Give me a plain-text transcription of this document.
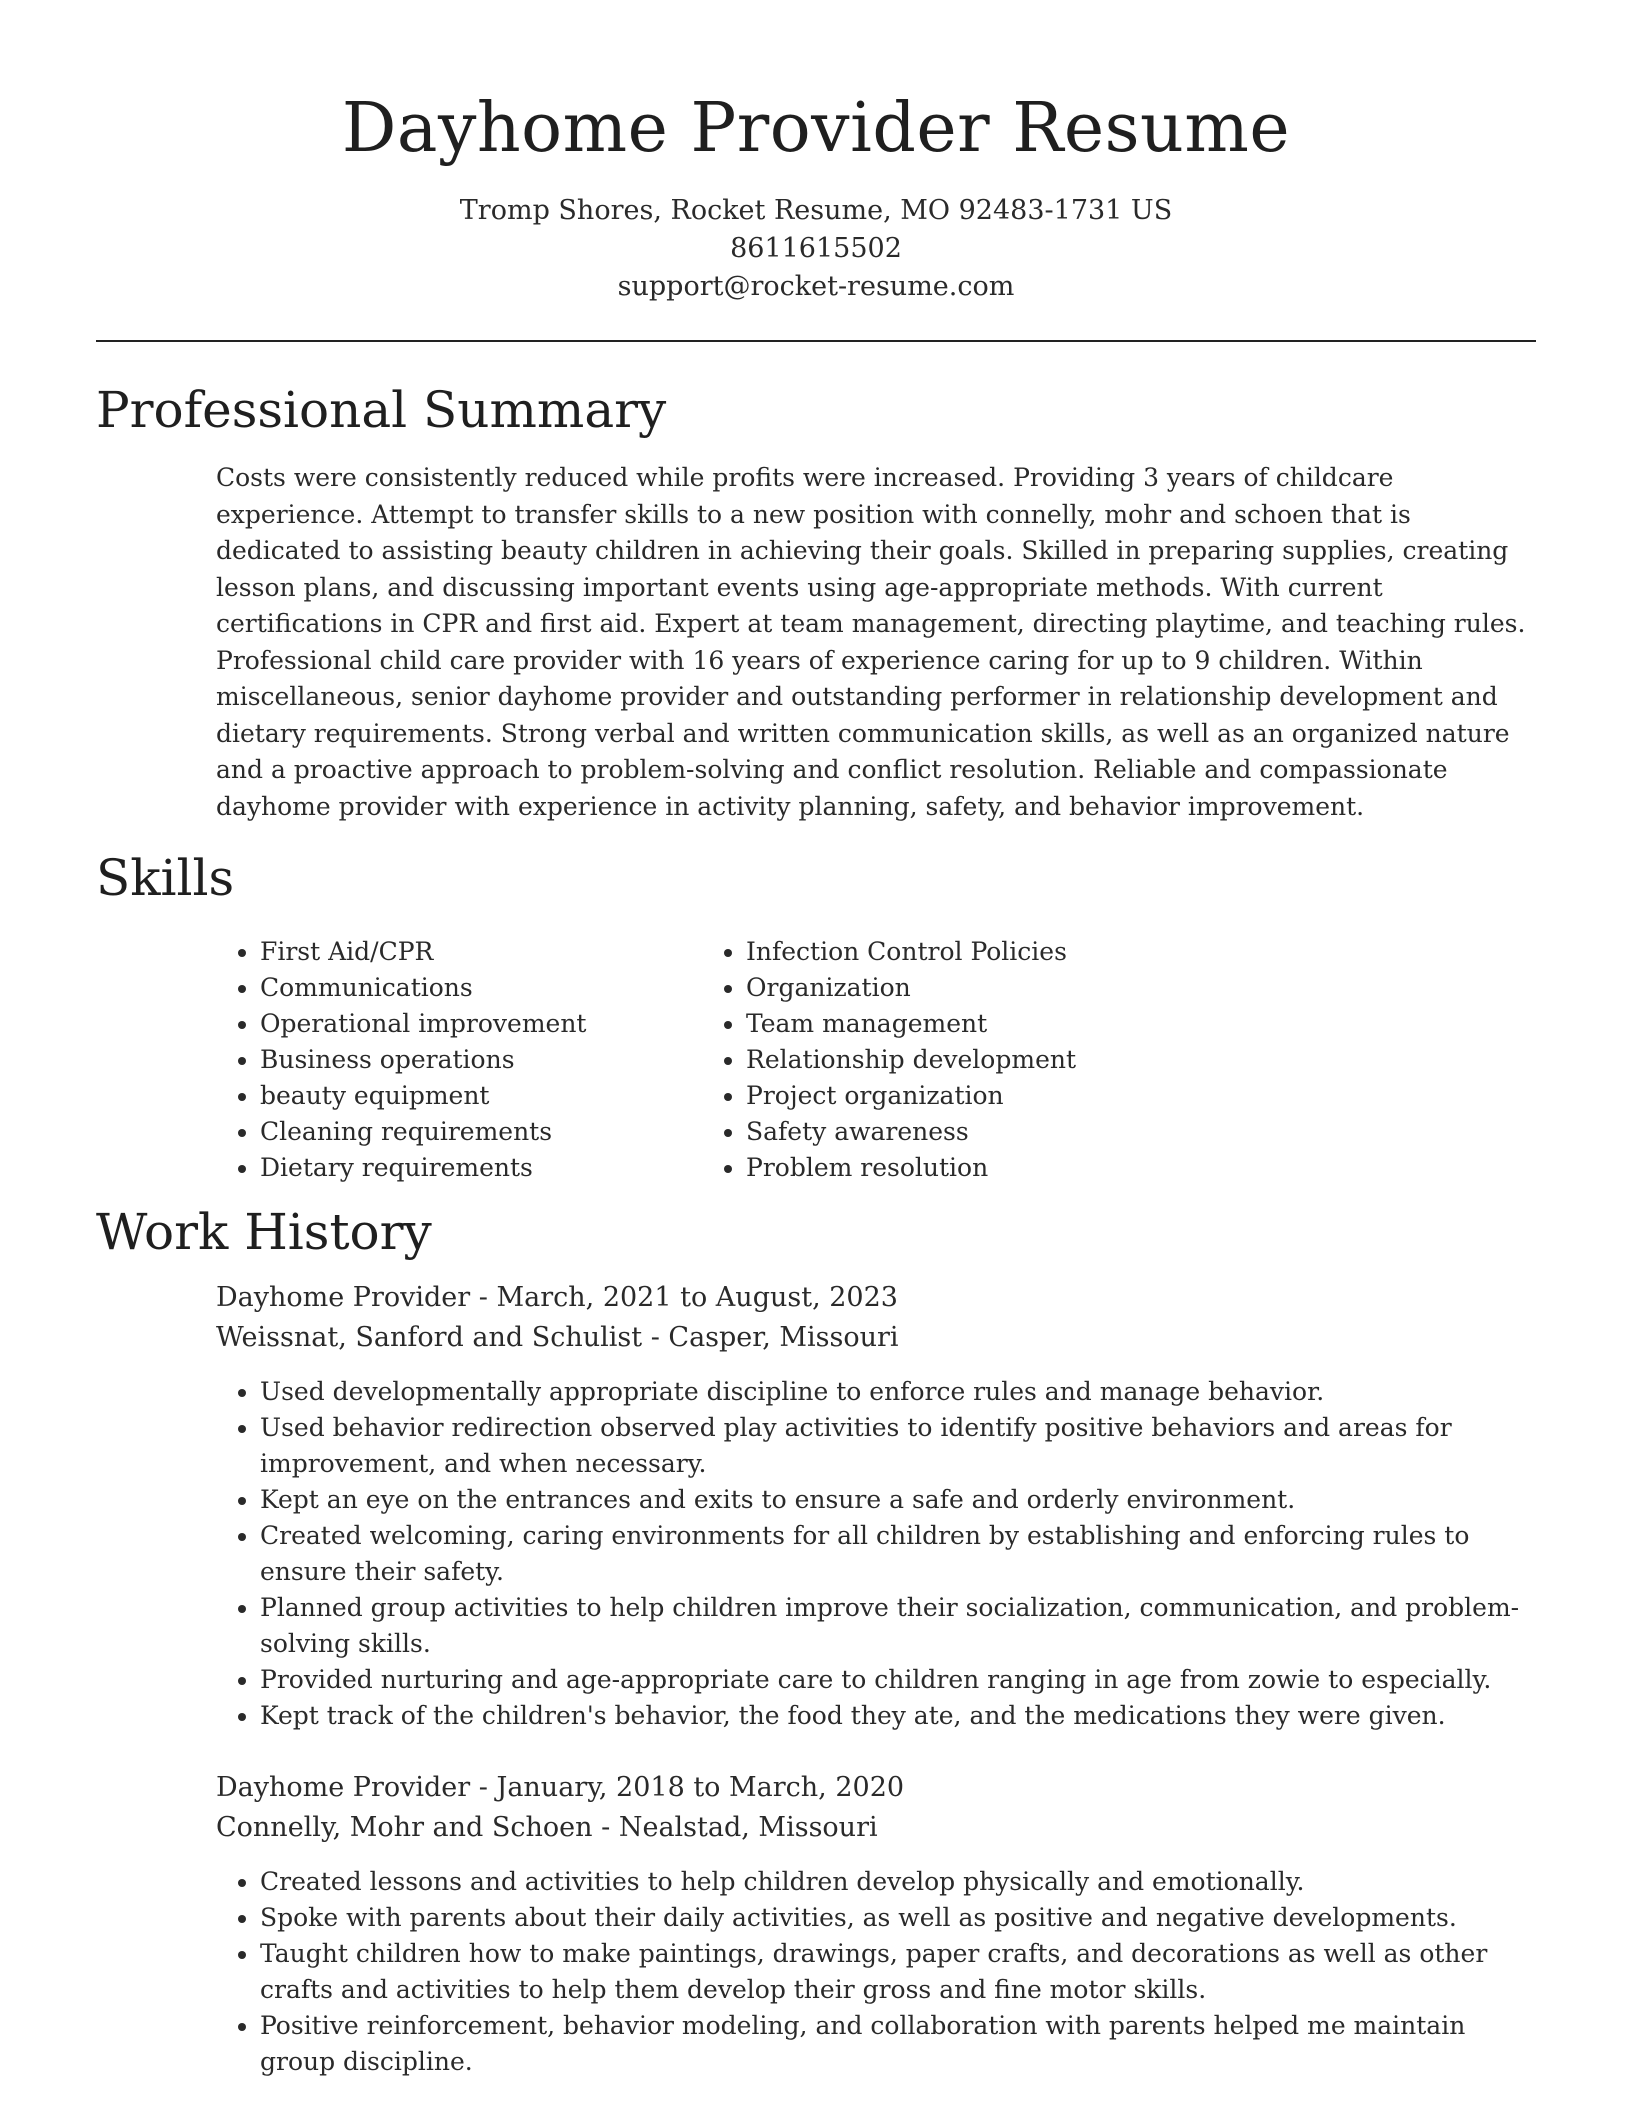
Dayhome Provider Resume
Tromp Shores, Rocket Resume, MO 92483-1731 US
8611615502
support@rocket-resume.com
Professional Summary

Costs were consistently reduced while profits were increased. Providing 3 years of childcare experience. Attempt to transfer skills to a new position with connelly, mohr and schoen that is dedicated to assisting beauty children in achieving their goals. Skilled in preparing supplies, creating lesson plans, and discussing important events using age-appropriate methods. With current certifications in CPR and first aid. Expert at team management, directing playtime, and teaching rules. Professional child care provider with 16 years of experience caring for up to 9 children. Within miscellaneous, senior dayhome provider and outstanding performer in relationship development and dietary requirements. Strong verbal and written communication skills, as well as an organized nature and a proactive approach to problem-solving and conflict resolution. Reliable and compassionate dayhome provider with experience in activity planning, safety, and behavior improvement.

Skills
• First Aid/CPR
• Communications
• Operational improvement
• Business operations
• beauty equipment
• Cleaning requirements
• Dietary requirements
• Infection Control Policies
• Organization
• Team management
• Relationship development
• Project organization
• Safety awareness
• Problem resolution
Work History
Dayhome Provider - March, 2021 to August, 2023
Weissnat, Sanford and Schulist - Casper, Missouri
• Used developmentally appropriate discipline to enforce rules and manage behavior.
• Used behavior redirection observed play activities to identify positive behaviors and areas for improvement, and when necessary.
• Kept an eye on the entrances and exits to ensure a safe and orderly environment.
• Created welcoming, caring environments for all children by establishing and enforcing rules to ensure their safety.
• Planned group activities to help children improve their socialization, communication, and problem-solving skills.
• Provided nurturing and age-appropriate care to children ranging in age from zowie to especially.
• Kept track of the children's behavior, the food they ate, and the medications they were given.
Dayhome Provider - January, 2018 to March, 2020
Connelly, Mohr and Schoen - Nealstad, Missouri
• Created lessons and activities to help children develop physically and emotionally.
• Spoke with parents about their daily activities, as well as positive and negative developments.
• Taught children how to make paintings, drawings, paper crafts, and decorations as well as other crafts and activities to help them develop their gross and fine motor skills.
• Positive reinforcement, behavior modeling, and collaboration with parents helped me maintain group discipline.
